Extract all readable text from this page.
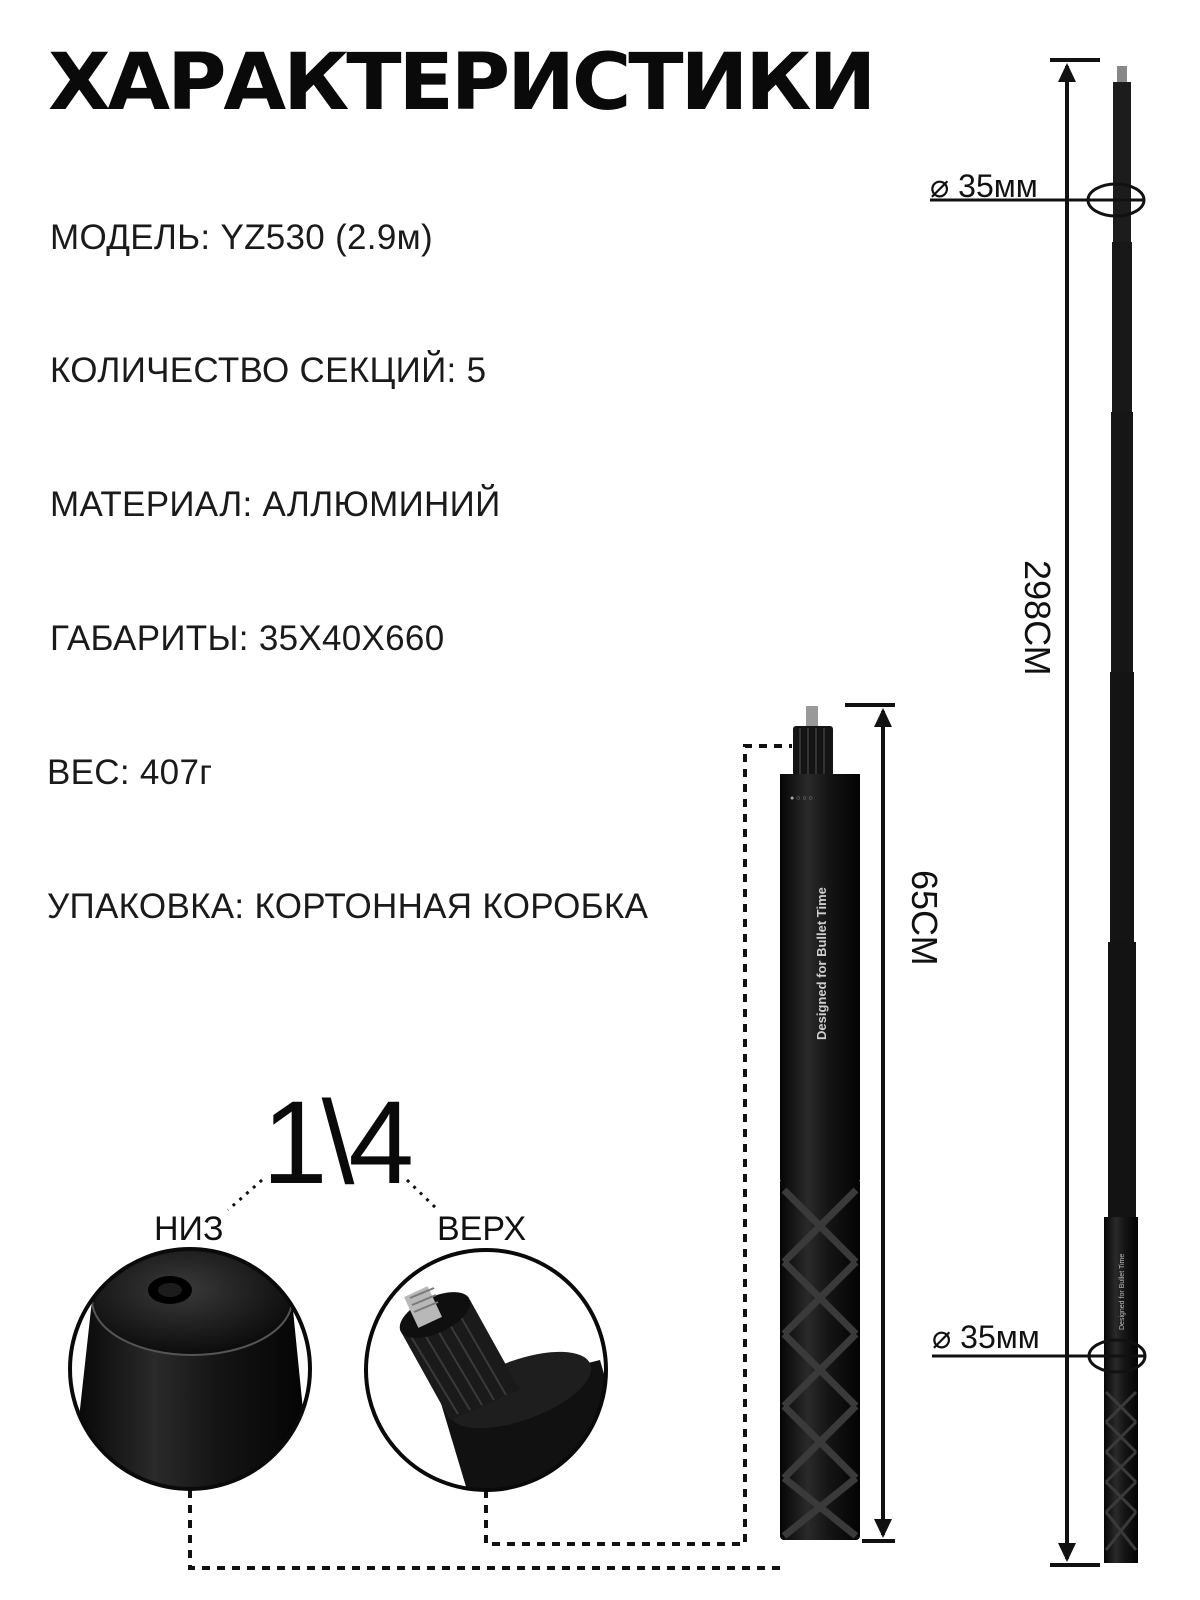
ХАРАКТЕРИСТИКИ
МОДЕЛЬ: YZ530 (2.9м)
КОЛИЧЕСТВО СЕКЦИЙ: 5
МАТЕРИАЛ: АЛЛЮМИНИЙ
ГАБАРИТЫ: 35Х40Х660
ВЕС: 407г
УПАКОВКА: КОРТОННАЯ КОРОБКА	Designed for Bullet Time
● ○ ○ ○
Designed for Bullet Time
1\4
НИЗ	ВЕРХ
⌀ 35мм
⌀ 35мм
65СМ
298СМ
